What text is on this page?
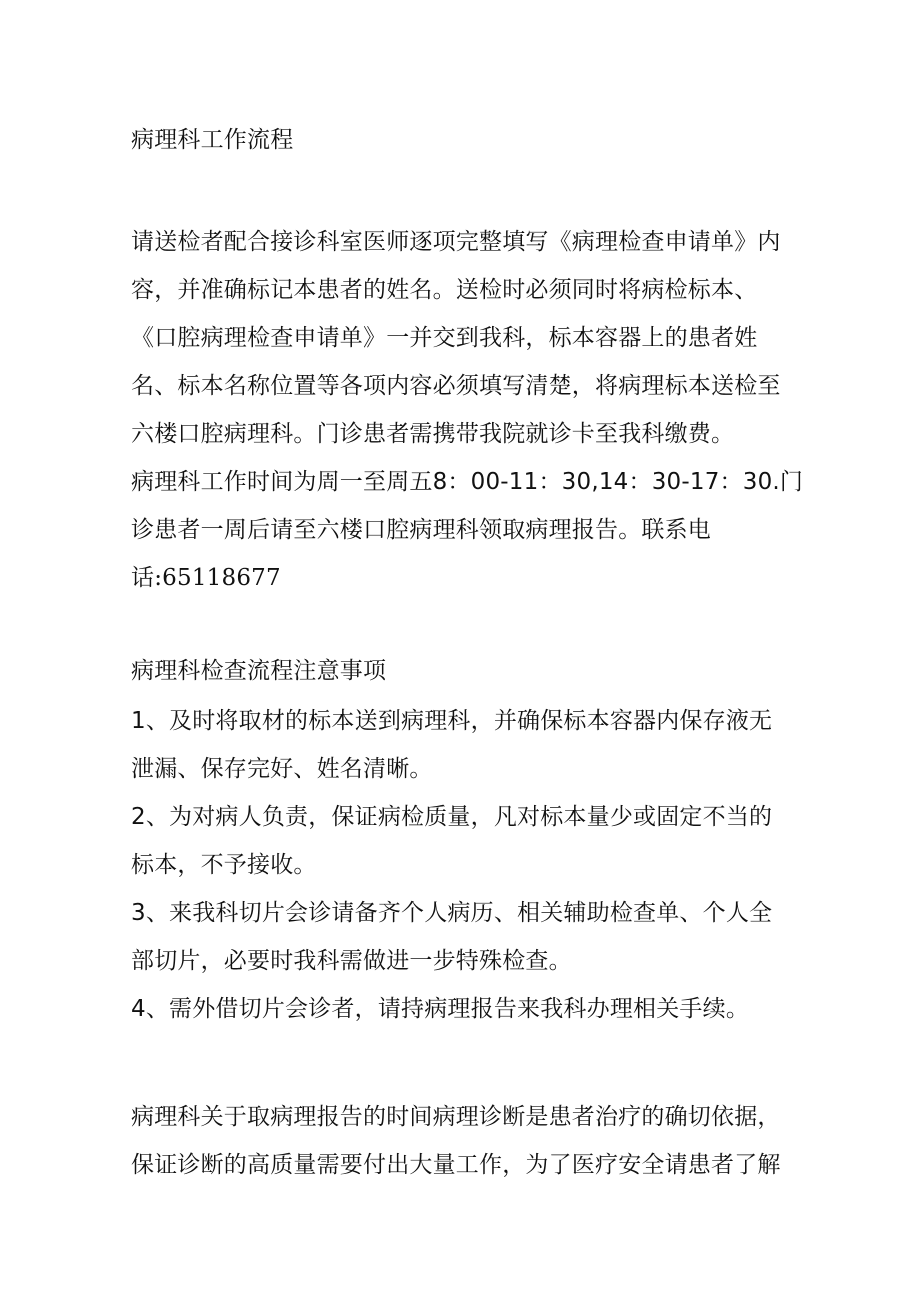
病理科工作流程
请送检者配合接诊科室医师逐项完整填写《病理检查申请单》内
容，并准确标记本患者的姓名。送检时必须同时将病检标本、
《口腔病理检查申请单》一并交到我科，标本容器上的患者姓
名、标本名称位置等各项内容必须填写清楚，将病理标本送检至
六楼口腔病理科。门诊患者需携带我院就诊卡至我科缴费。
病理科工作时间为周一至周五8：00-11：30,14：30-17：30.门
诊患者一周后请至六楼口腔病理科领取病理报告。联系电
话:65118677
病理科检查流程注意事项
1、及时将取材的标本送到病理科，并确保标本容器内保存液无
泄漏、保存完好、姓名清晰。
2、为对病人负责，保证病检质量，凡对标本量少或固定不当的
标本，不予接收。
3、来我科切片会诊请备齐个人病历、相关辅助检查单、个人全
部切片，必要时我科需做进一步特殊检查。
4、需外借切片会诊者，请持病理报告来我科办理相关手续。
病理科关于取病理报告的时间病理诊断是患者治疗的确切依据，
保证诊断的高质量需要付出大量工作，为了医疗安全请患者了解
